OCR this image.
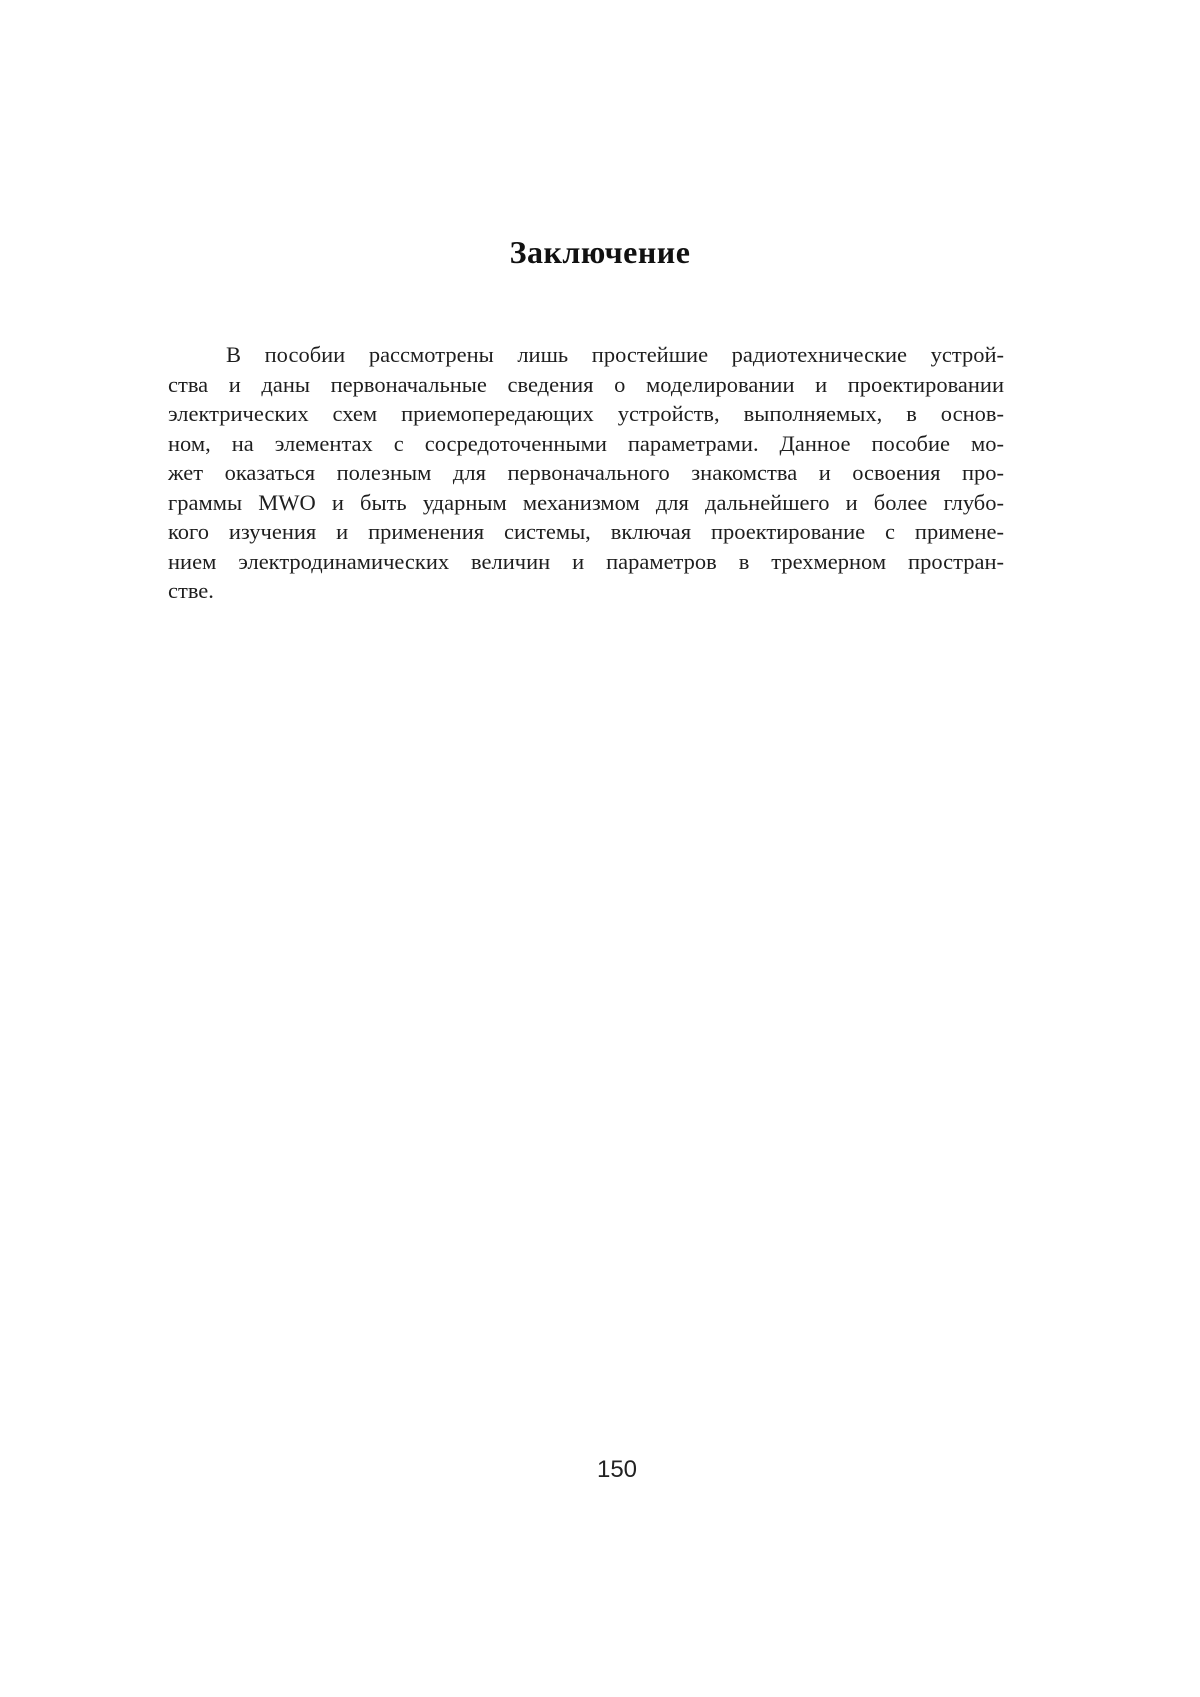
Заключение
В пособии рассмотрены лишь простейшие радиотехнические устрой-
ства и даны первоначальные сведения о моделировании и проектировании
электрических схем приемопередающих устройств, выполняемых, в основ-
ном, на элементах с сосредоточенными параметрами. Данное пособие мо-
жет оказаться полезным для первоначального знакомства и освоения про-
граммы MWO и быть ударным механизмом для дальнейшего и более глубо-
кого изучения и применения системы, включая проектирование с примене-
нием электродинамических величин и параметров в трехмерном простран-
стве.
150
